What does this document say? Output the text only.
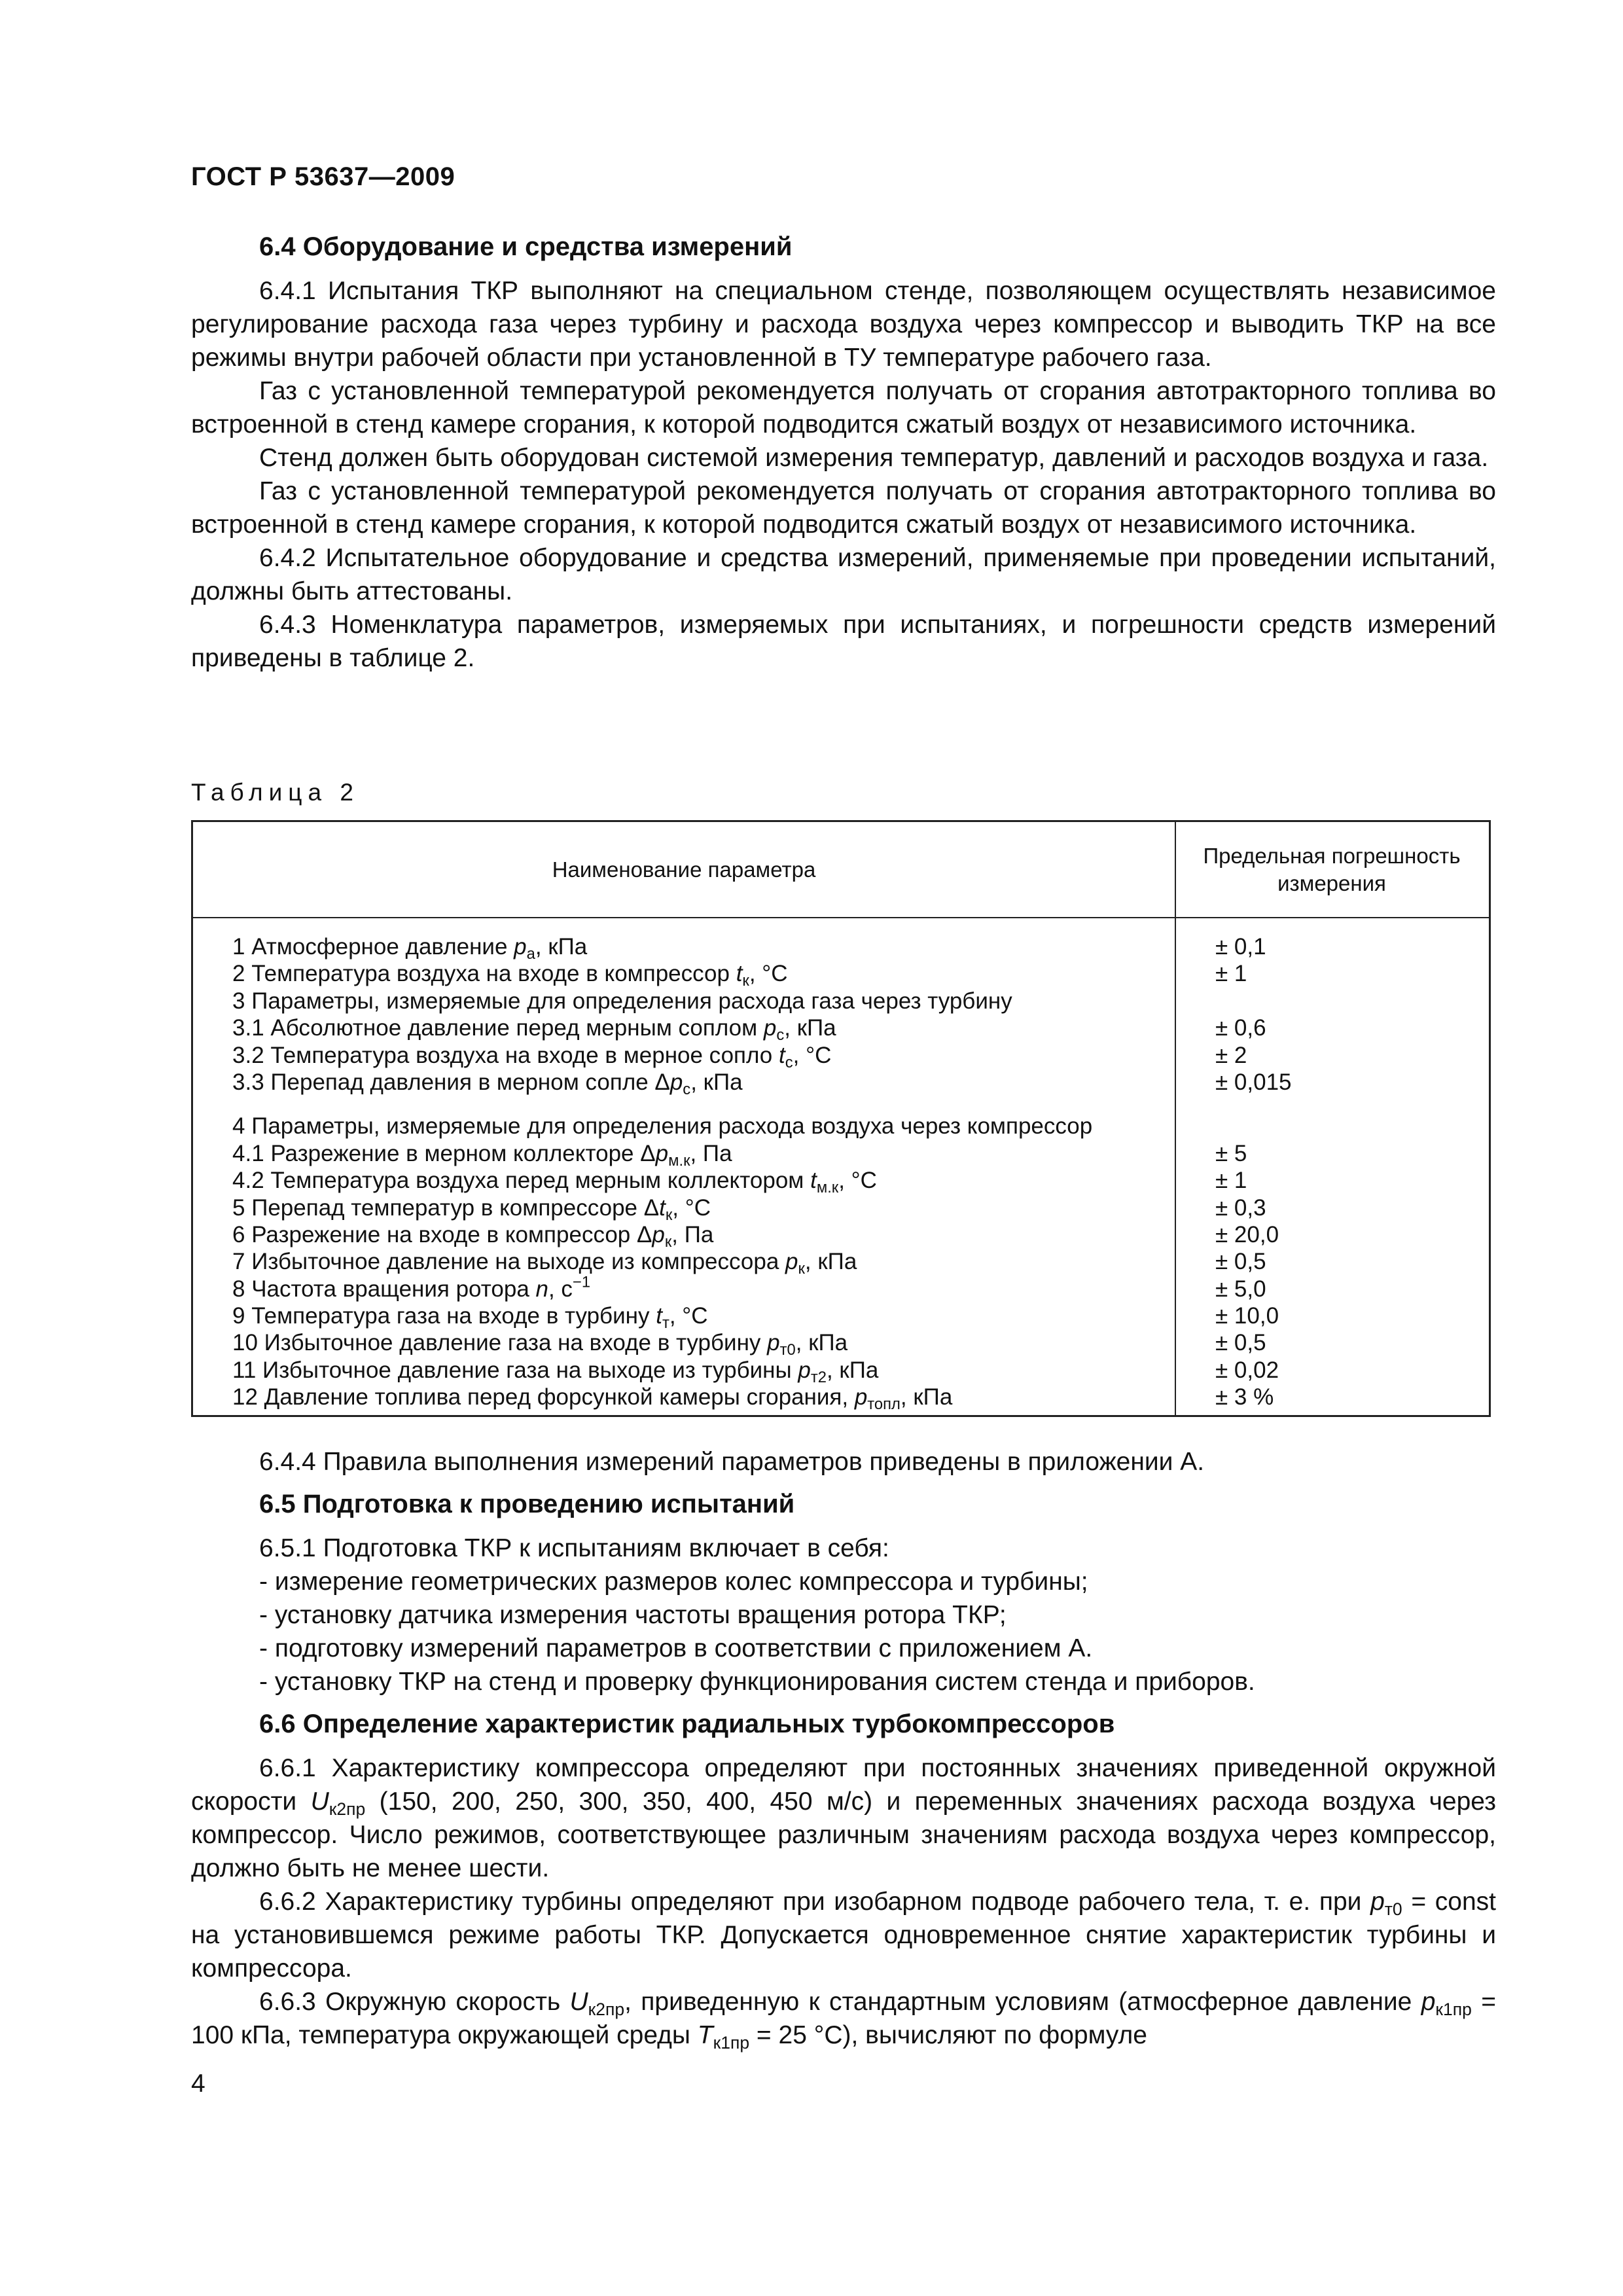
ГОСТ Р 53637—2009
6.4 Оборудование и средства измерений

6.4.1 Испытания ТКР выполняют на специальном стенде, позволяющем осуществлять независимое регулирование расхода газа через турбину и расхода воздуха через компрессор и выводить ТКР на все режимы внутри рабочей области при установленной в ТУ температуре рабочего газа.

Газ с установленной температурой рекомендуется получать от сгорания автотракторного топлива во встроенной в стенд камере сгорания, к которой подводится сжатый воздух от независимого источника.

Стенд должен быть оборудован системой измерения температур, давлений и расходов воздуха и газа.

Газ с установленной температурой рекомендуется получать от сгорания автотракторного топлива во встроенной в стенд камере сгорания, к которой подводится сжатый воздух от независимого источника.

6.4.2 Испытательное оборудование и средства измерений, применяемые при проведении испытаний, должны быть аттестованы.

6.4.3 Номенклатура параметров, измеряемых при испытаниях, и погрешности средств измерений приведены в таблице 2.

Таблица 2
Наименование параметра
Предельная погрешность измерения
1 Атмосферное давление $p_а$, кПа	± 0,1
2 Температура воздуха на входе в компрессор $t_к$, °С	± 1
3 Параметры, измеряемые для определения расхода газа через турбину
3.1 Абсолютное давление перед мерным соплом $p_с$, кПа	± 0,6
3.2 Температура воздуха на входе в мерное сопло $t_с$, °С	± 2
3.3 Перепад давления в мерном сопле $\Delta p_с$, кПа	± 0,015
4 Параметры, измеряемые для определения расхода воздуха через компрессор
4.1 Разрежение в мерном коллекторе $\Delta p_{м.к}$, Па	± 5
4.2 Температура воздуха перед мерным коллектором $t_{м.к}$, °С	± 1
5 Перепад температур в компрессоре $\Delta t_к$, °С	± 0,3
6 Разрежение на входе в компрессор $\Delta p_к$, Па	± 20,0
7 Избыточное давление на выходе из компрессора $p_к$, кПа	± 0,5
8 Частота вращения ротора n, $с^{-1}$	± 5,0
9 Температура газа на входе в турбину $t_т$, °С	± 10,0
10 Избыточное давление газа на входе в турбину $p_{т0}$, кПа	± 0,5
11 Избыточное давление газа на выходе из турбины $p_{т2}$, кПа	± 0,02
12 Давление топлива перед форсункой камеры сгорания, $p_{топл}$, кПа	± 3 %

6.4.4 Правила выполнения измерений параметров приведены в приложении А.

6.5 Подготовка к проведению испытаний

6.5.1 Подготовка ТКР к испытаниям включает в себя:

- измерение геометрических размеров колес компрессора и турбины;
- установку датчика измерения частоты вращения ротора ТКР;
- подготовку измерений параметров в соответствии с приложением А.
- установку ТКР на стенд и проверку функционирования систем стенда и приборов.
6.6 Определение характеристик радиальных турбокомпрессоров

6.6.1 Характеристику компрессора определяют при постоянных значениях приведенной окружной скорости $U_{к2пр}$ (150, 200, 250, 300, 350, 400, 450 м/с) и переменных значениях расхода воздуха через компрессор. Число режимов, соответствующее различным значениям расхода воздуха через компрессор, должно быть не менее шести.

6.6.2 Характеристику турбины определяют при изобарном подводе рабочего тела, т. е. при $p_{т0}$ = const на установившемся режиме работы ТКР. Допускается одновременное снятие характеристик турбины и компрессора.

6.6.3 Окружную скорость $U_{к2пр}$, приведенную к стандартным условиям (атмосферное давление $p_{к1пр} = 100$ кПа, температура окружающей среды $T_{к1пр} = 25$ °С), вычисляют по формуле

4
